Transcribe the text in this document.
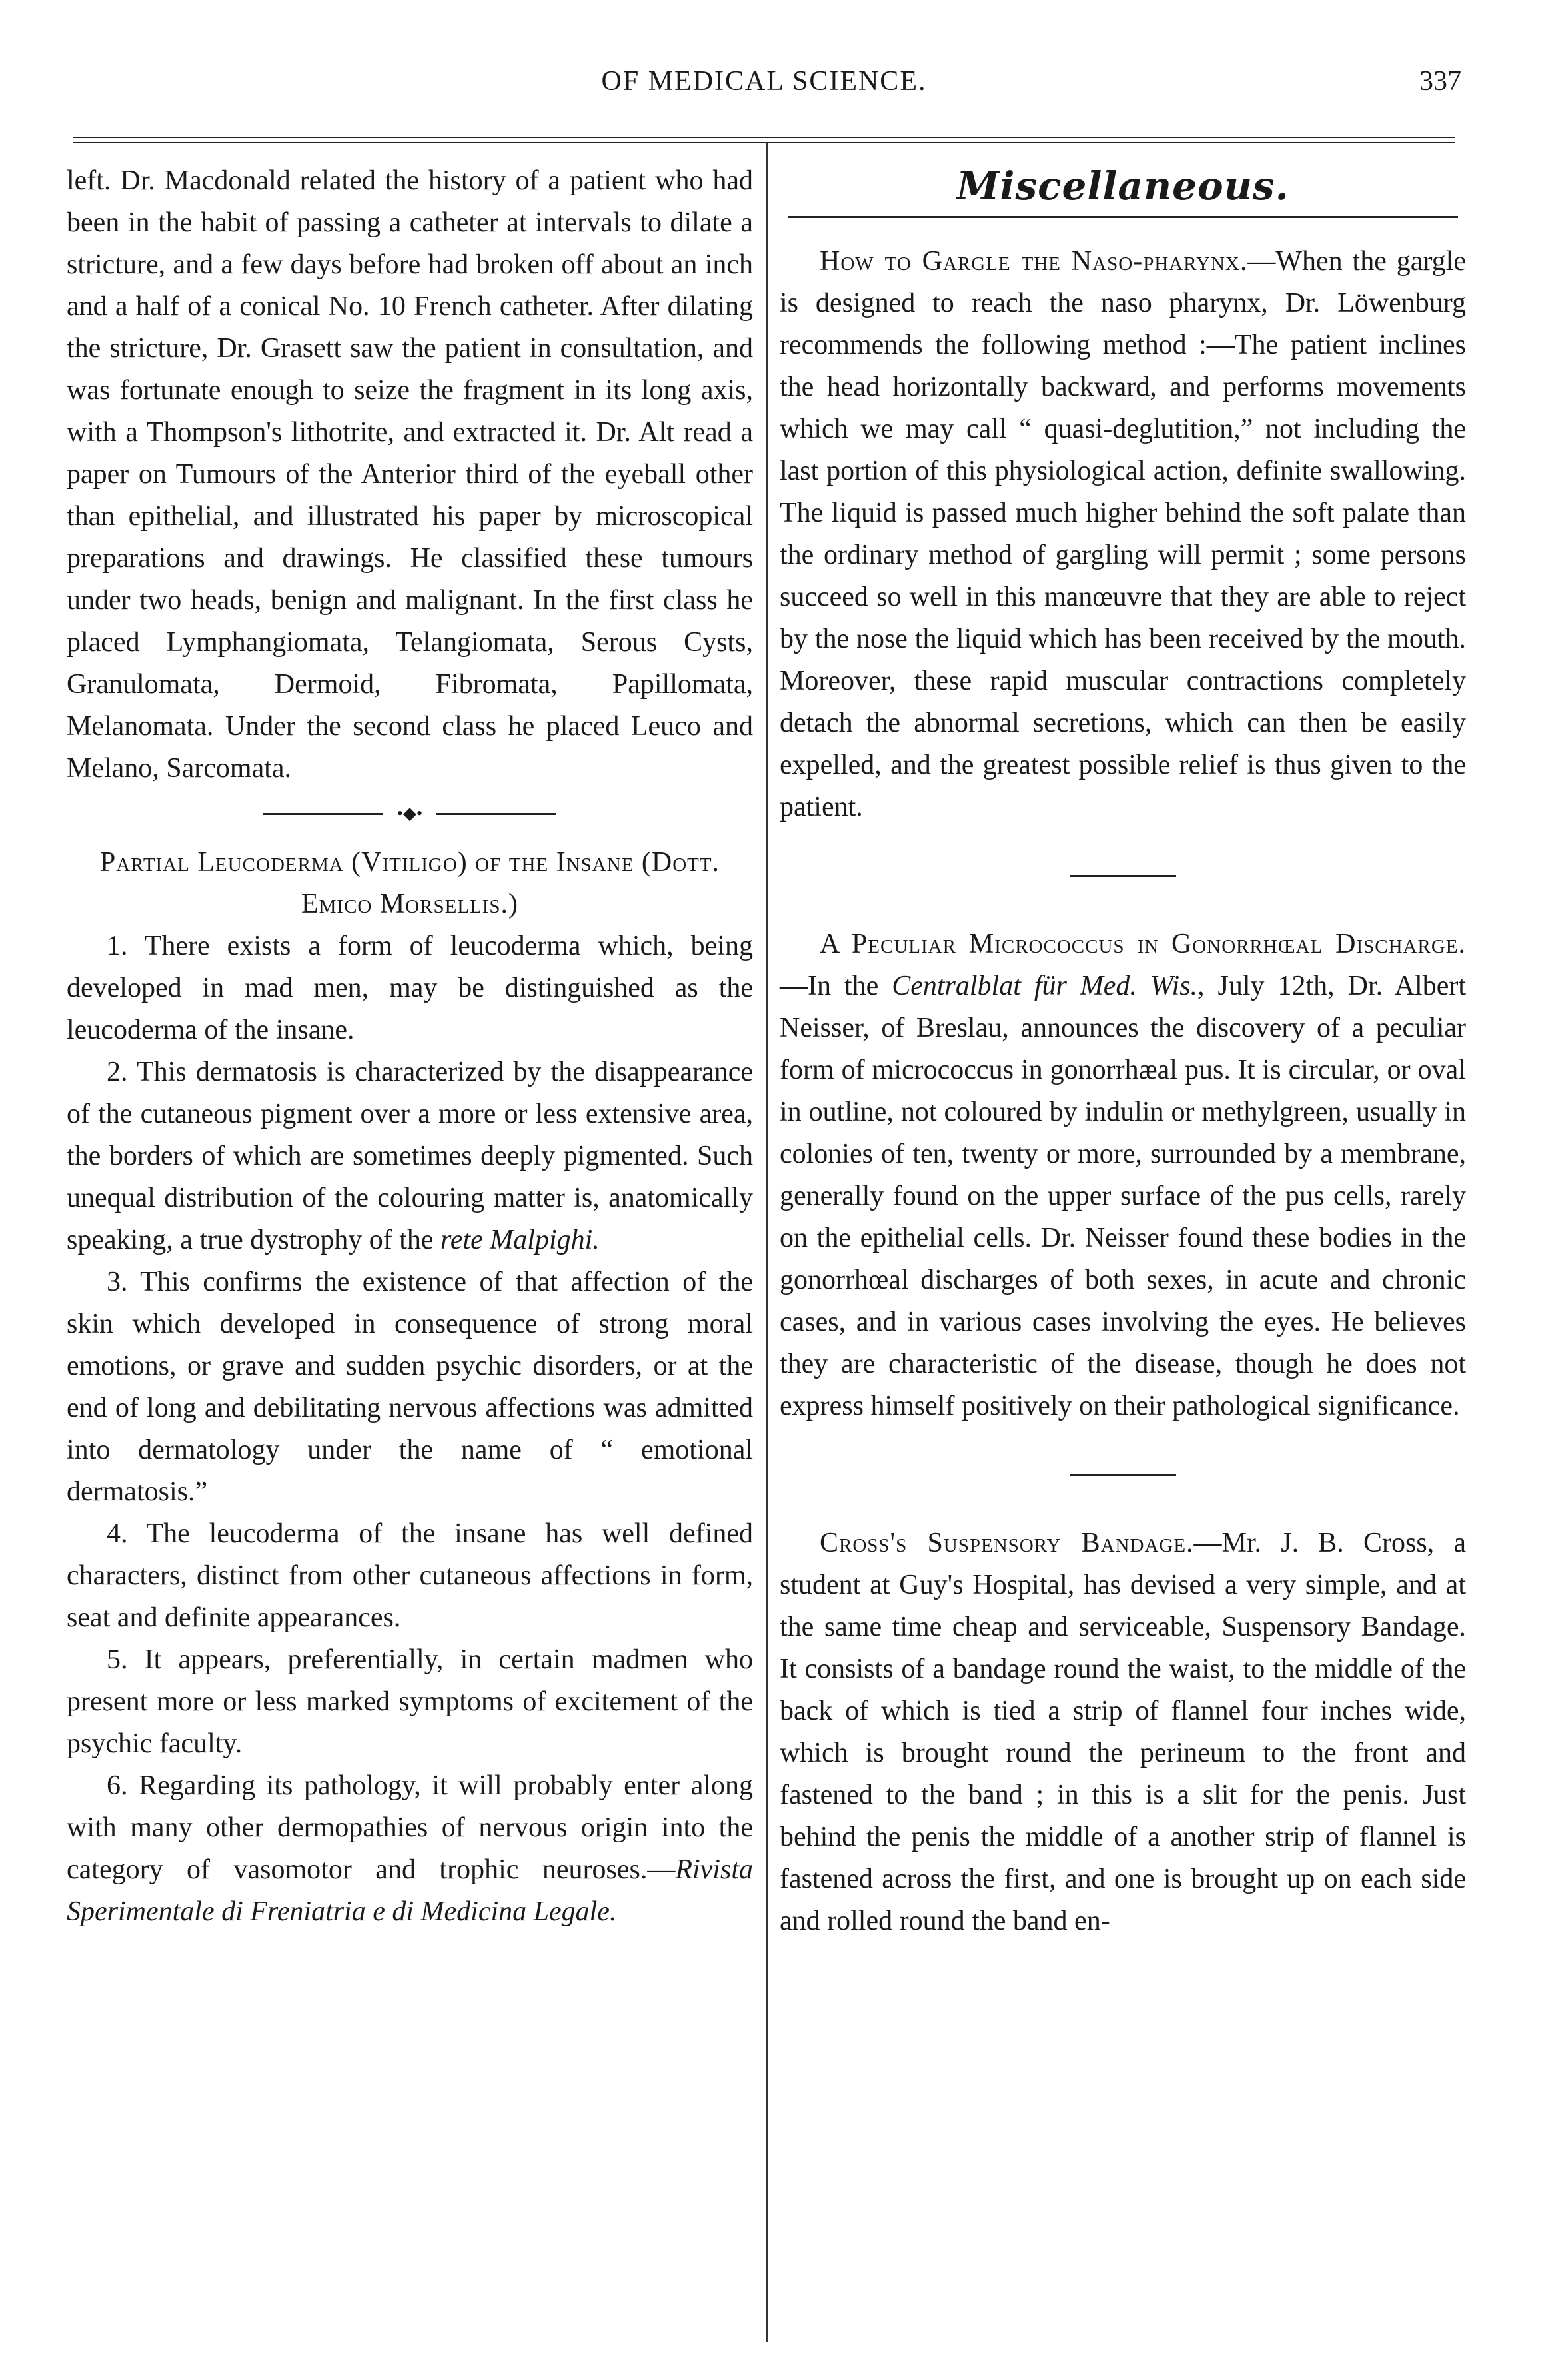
OF MEDICAL SCIENCE.	337

left. Dr. Macdonald related the history of a patient who had been in the habit of passing a catheter at intervals to dilate a stricture, and a few days before had broken off about an inch and a half of a conical No. 10 French catheter. After dilating the stricture, Dr. Grasett saw the patient in consultation, and was fortunate enough to seize the fragment in its long axis, with a Thompson's lithotrite, and extracted it. Dr. Alt read a paper on Tumours of the Anterior third of the eyeball other than epithelial, and illustrated his paper by microscopical preparations and drawings. He classified these tumours under two heads, benign and malignant. In the first class he placed Lymphangiomata, Telangiomata, Serous Cysts, Granulomata, Dermoid, Fibromata, Papillomata, Melanomata. Under the second class he placed Leuco and Melano, Sarcomata.

•◆•

Partial Leucoderma (Vitiligo) of the Insane (Dott. Emico Morsellis.)

1. There exists a form of leucoderma which, being developed in mad men, may be distinguished as the leucoderma of the insane.

2. This dermatosis is characterized by the disappearance of the cutaneous pigment over a more or less extensive area, the borders of which are sometimes deeply pigmented. Such unequal distribution of the colouring matter is, anatomically speaking, a true dystrophy of the rete Malpighi.

3. This confirms the existence of that affection of the skin which developed in consequence of strong moral emotions, or grave and sudden psychic disorders, or at the end of long and debilitating nervous affections was admitted into dermatology under the name of “ emotional dermatosis.”

4. The leucoderma of the insane has well defined characters, distinct from other cutaneous affections in form, seat and definite appearances.

5. It appears, preferentially, in certain madmen who present more or less marked symptoms of excitement of the psychic faculty.

6. Regarding its pathology, it will probably enter along with many other dermopathies of nervous origin into the category of vasomotor and trophic neuroses.—Rivista Sperimentale di Freniatria e di Medicina Legale.

Miscellaneous.

How to Gargle the Naso-pharynx.—When the gargle is designed to reach the naso pharynx, Dr. Löwenburg recommends the following method :—The patient inclines the head horizontally backward, and performs movements which we may call “ quasi-deglutition,” not including the last portion of this physiological action, definite swallowing. The liquid is passed much higher behind the soft palate than the ordinary method of gargling will permit ; some persons succeed so well in this manœuvre that they are able to reject by the nose the liquid which has been received by the mouth. Moreover, these rapid muscular contractions completely detach the abnormal secretions, which can then be easily expelled, and the greatest possible relief is thus given to the patient.

A Peculiar Micrococcus in Gonorrhœal Discharge.—In the Centralblat für Med. Wis., July 12th, Dr. Albert Neisser, of Breslau, announces the discovery of a peculiar form of micrococcus in gonorrhæal pus. It is circular, or oval in outline, not coloured by indulin or methylgreen, usually in colonies of ten, twenty or more, surrounded by a membrane, generally found on the upper surface of the pus cells, rarely on the epithelial cells. Dr. Neisser found these bodies in the gonorrhœal discharges of both sexes, in acute and chronic cases, and in various cases involving the eyes. He believes they are characteristic of the disease, though he does not express himself positively on their pathological significance.

Cross's Suspensory Bandage.—Mr. J. B. Cross, a student at Guy's Hospital, has devised a very simple, and at the same time cheap and serviceable, Suspensory Bandage. It consists of a bandage round the waist, to the middle of the back of which is tied a strip of flannel four inches wide, which is brought round the perineum to the front and fastened to the band ; in this is a slit for the penis. Just behind the penis the middle of a another strip of flannel is fastened across the first, and one is brought up on each side and rolled round the band en-
